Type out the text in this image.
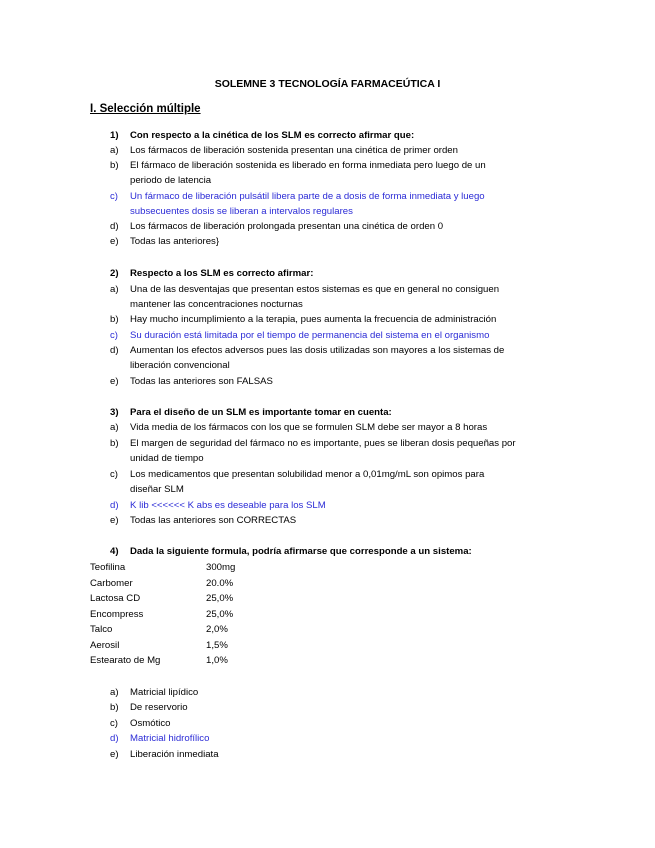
SOLEMNE 3 TECNOLOGÍA FARMACEÚTICA I
I. Selección múltiple
1) Con respecto a la cinética de los SLM es correcto afirmar que:
a) Los fármacos de liberación sostenida presentan una cinética de primer orden
b) El fármaco de liberación sostenida es liberado en forma inmediata pero luego de un
periodo de latencia
c) Un fármaco de liberación pulsátil libera parte de a dosis de forma inmediata y luego
subsecuentes dosis se liberan a intervalos regulares
d) Los fármacos de liberación prolongada presentan una cinética de orden 0
e) Todas las anteriores}
2) Respecto a los SLM es correcto afirmar:
a) Una de las desventajas que presentan estos sistemas es que en general no consiguen
mantener las concentraciones nocturnas
b) Hay mucho incumplimiento a la terapia, pues aumenta la frecuencia de administración
c) Su duración está limitada por el tiempo de permanencia del sistema en el organismo
d) Aumentan los efectos adversos pues las dosis utilizadas son mayores a los sistemas de
liberación convencional
e) Todas las anteriores son FALSAS
3) Para el diseño de un SLM es importante tomar en cuenta:
a) Vida media de los fármacos con los que se formulen SLM debe ser mayor a 8 horas
b) El margen de seguridad del fármaco no es importante, pues se liberan dosis pequeñas por
unidad de tiempo
c) Los medicamentos que presentan solubilidad menor a 0,01mg/mL son opimos para
diseñar SLM
d) K lib <<<<<< K abs es deseable para los SLM
e) Todas las anteriores son CORRECTAS
4) Dada la siguiente formula, podría afirmarse que corresponde a un sistema:
Teofilina	300mg
Carbomer	20.0%
Lactosa CD	25,0%
Encompress	25,0%
Talco	2,0%
Aerosil	1,5%
Estearato de Mg	1,0%
a) Matricial lipídico
b) De reservorio
c) Osmótico
d) Matricial hidrofílico
e) Liberación inmediata
